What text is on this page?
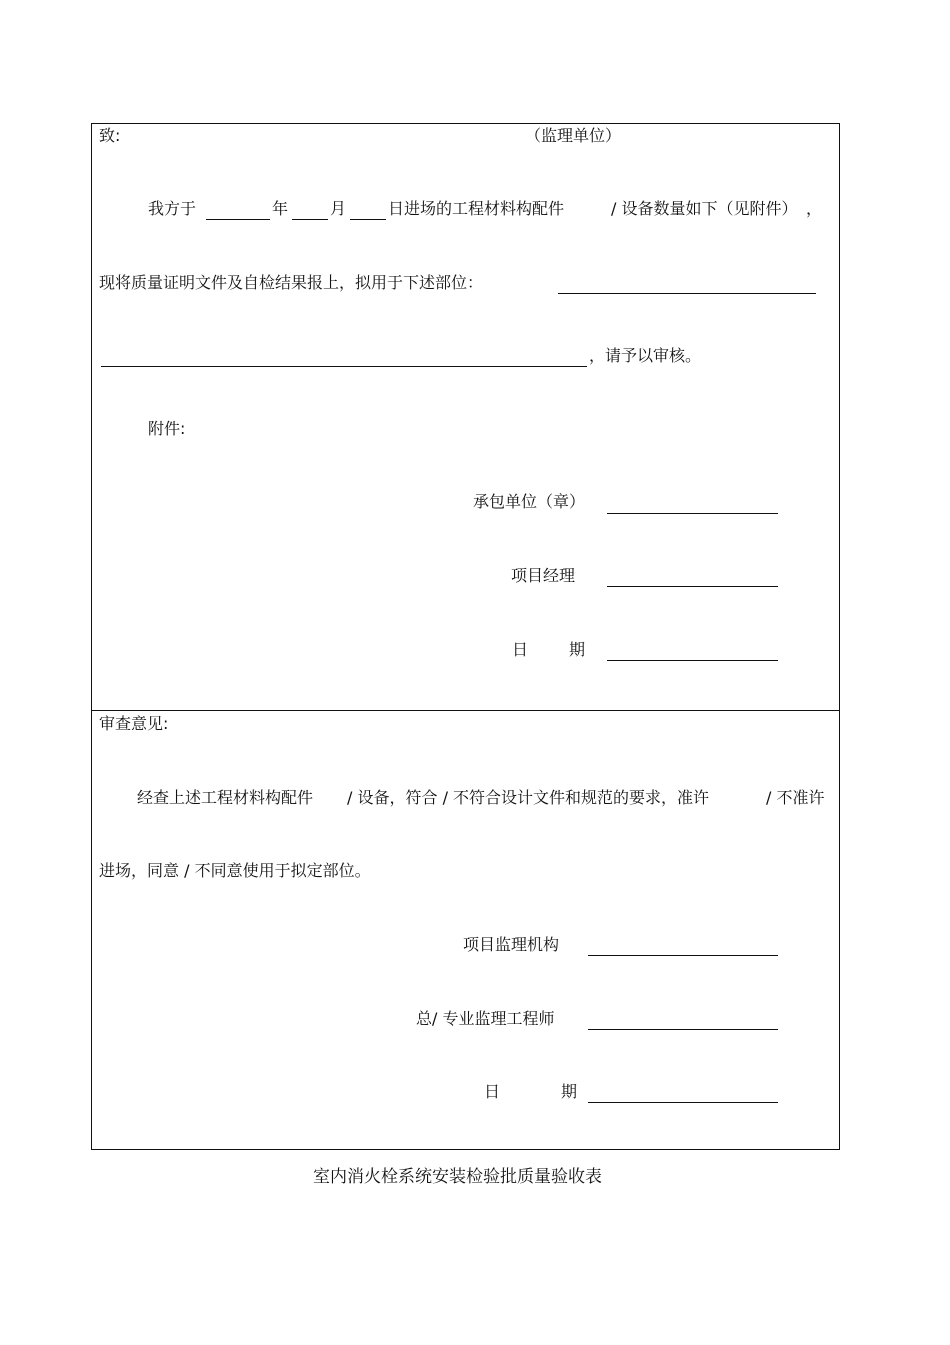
致:	（监理单位）
我方于	年	月	日进场的工程材料构配件	/ 设备数量如下（见附件） ，
现将质量证明文件及自检结果报上，拟用于下述部位：
，请予以审核。
附件:
承包单位（章）
项目经理
日	期
审查意见:
经查上述工程材料构配件 / 设备，符合 / 不符合设计文件和规范的要求，准许	/ 不准许
进场，同意 / 不同意使用于拟定部位。
项目监理机构
总/ 专业监理工程师
日	期
室内消火栓系统安装检验批质量验收表
